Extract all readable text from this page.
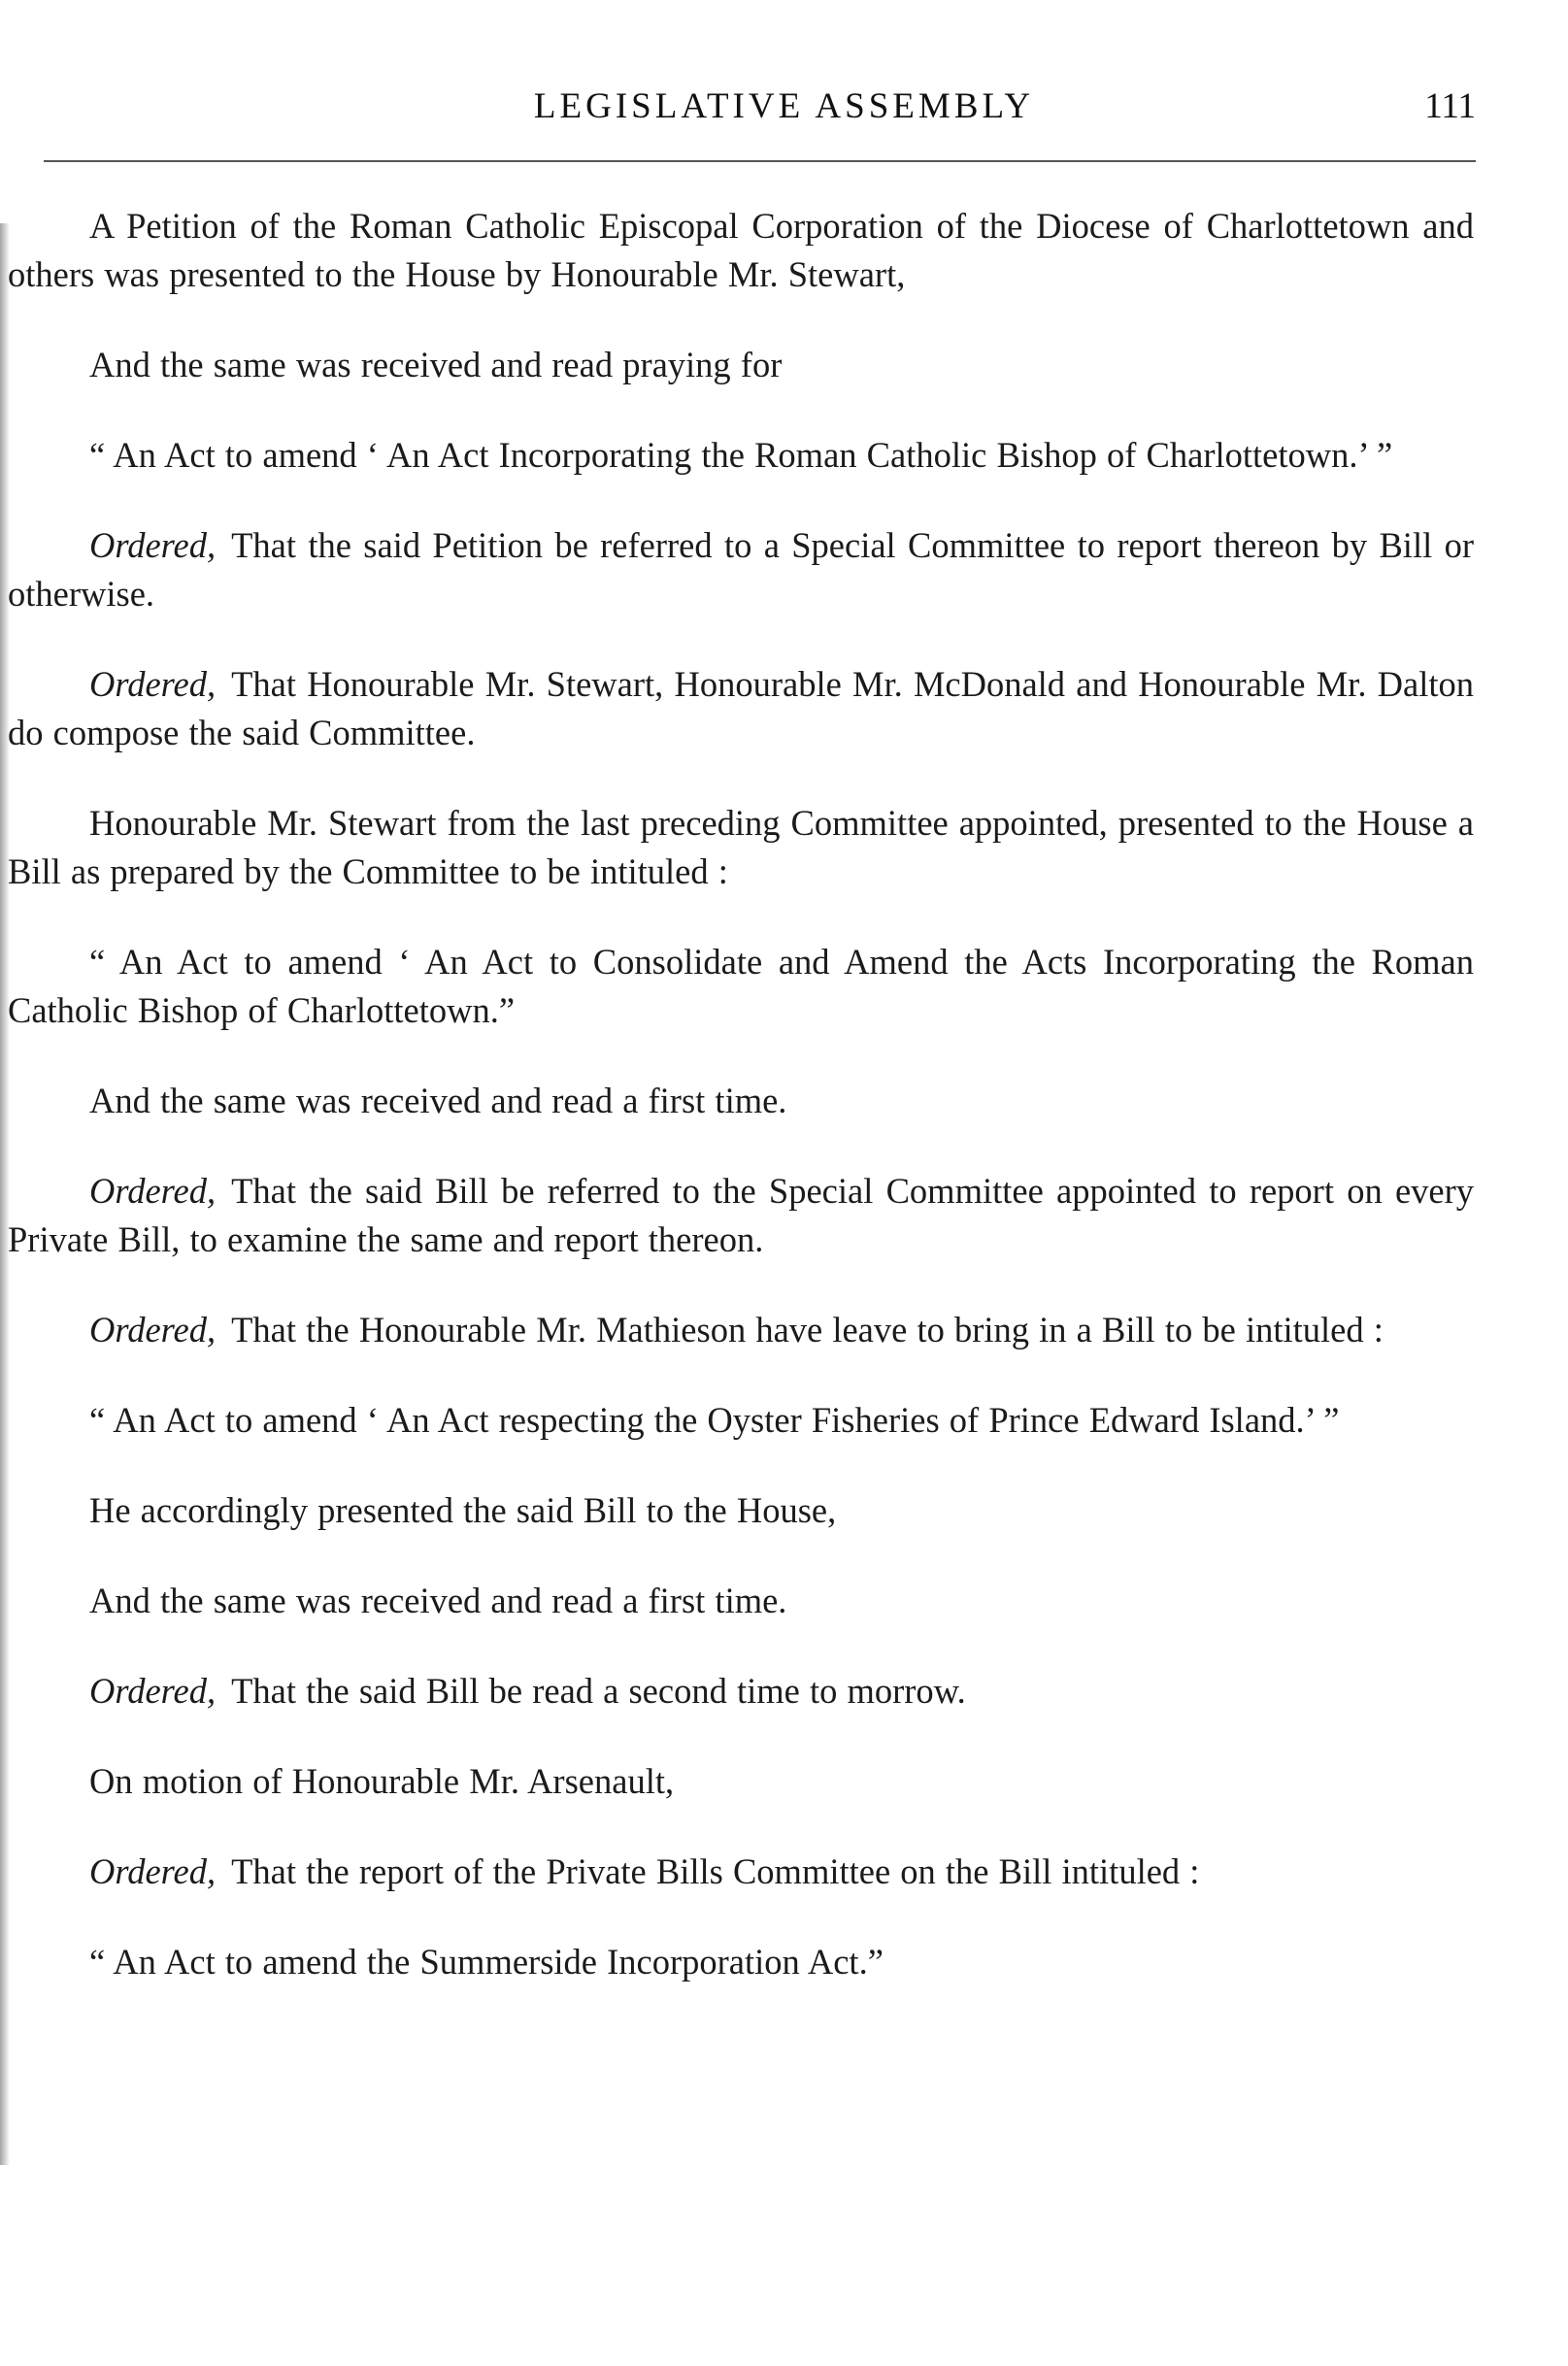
LEGISLATIVE ASSEMBLY	111

A Petition of the Roman Catholic Episcopal Corporation of the Diocese of Charlottetown and others was presented to the House by Honourable Mr. Stewart,

And the same was received and read praying for

“ An Act to amend ‘ An Act Incorporating the Roman Catholic Bishop of Charlottetown.’ ”

Ordered, That the said Petition be referred to a Special Committee to report thereon by Bill or otherwise.

Ordered, That Honourable Mr. Stewart, Honourable Mr. McDonald and Honourable Mr. Dalton do compose the said Committee.

Honourable Mr. Stewart from the last preceding Committee appointed, presented to the House a Bill as prepared by the Committee to be intituled :

“ An Act to amend ‘ An Act to Consolidate and Amend the Acts Incorporating the Roman Catholic Bishop of Charlottetown.”

And the same was received and read a first time.

Ordered, That the said Bill be referred to the Special Committee appointed to report on every Private Bill, to examine the same and report thereon.

Ordered, That the Honourable Mr. Mathieson have leave to bring in a Bill to be intituled :

“ An Act to amend ‘ An Act respecting the Oyster Fisheries of Prince Edward Island.’ ”

He accordingly presented the said Bill to the House,

And the same was received and read a first time.

Ordered, That the said Bill be read a second time to morrow.

On motion of Honourable Mr. Arsenault,

Ordered, That the report of the Private Bills Committee on the Bill intituled :

“ An Act to amend the Summerside Incorporation Act.”
